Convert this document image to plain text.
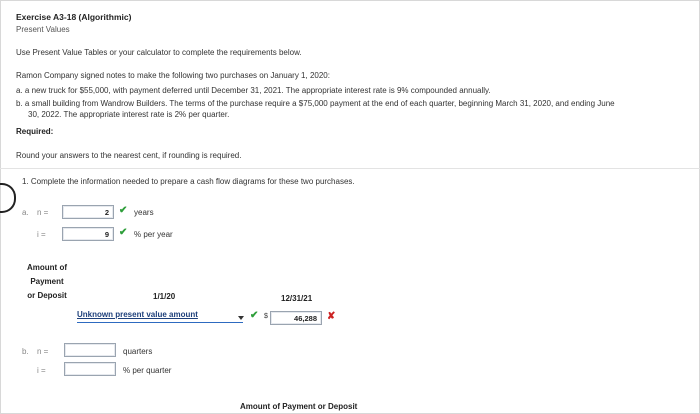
Exercise A3-18 (Algorithmic)
Present Values
Use Present Value Tables or your calculator to complete the requirements below.
Ramon Company signed notes to make the following two purchases on January 1, 2020:
a. a new truck for $55,000, with payment deferred until December 31, 2021. The appropriate interest rate is 9% compounded annually.
b. a small building from Wandrow Builders. The terms of the purchase require a $75,000 payment at the end of each quarter, beginning March 31, 2020, and ending June
30, 2022. The appropriate interest rate is 2% per quarter.
Required:
Round your answers to the nearest cent, if rounding is required.
1. Complete the information needed to prepare a cash flow diagrams for these two purchases.
a. n =	2	✔ years
i =	9	✔ % per year
Amount of
Payment
or Deposit	1/1/20	12/31/21
Unknown present value amount	✔ $	46,288	✘
b. n =	quarters
i =	% per quarter
Amount of Payment or Deposit
